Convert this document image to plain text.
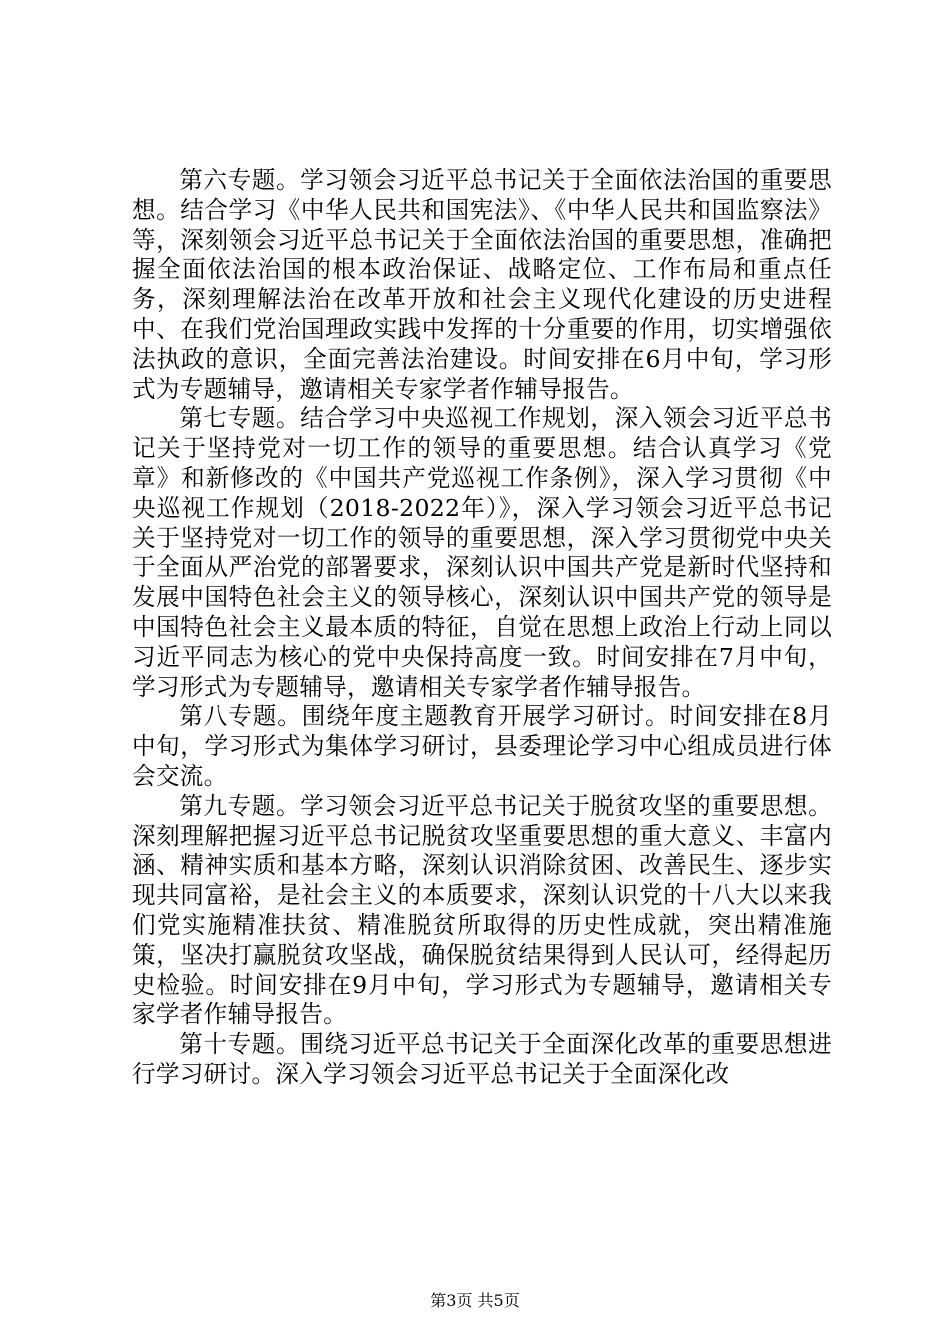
第六专题。学习领会习近平总书记关于全面依法治国的重要思想。结合学习《中华人民共和国宪法》、《中华人民共和国监察法》等，深刻领会习近平总书记关于全面依法治国的重要思想，准确把握全面依法治国的根本政治保证、战略定位、工作布局和重点任务，深刻理解法治在改革开放和社会主义现代化建设的历史进程中、在我们党治国理政实践中发挥的十分重要的作用，切实增强依法执政的意识，全面完善法治建设。时间安排在6月中旬，学习形式为专题辅导，邀请相关专家学者作辅导报告。

第七专题。结合学习中央巡视工作规划，深入领会习近平总书记关于坚持党对一切工作的领导的重要思想。结合认真学习《党章》和新修改的《中国共产党巡视工作条例》，深入学习贯彻《中央巡视工作规划（2018-2022年）》，深入学习领会习近平总书记关于坚持党对一切工作的领导的重要思想，深入学习贯彻党中央关于全面从严治党的部署要求，深刻认识中国共产党是新时代坚持和发展中国特色社会主义的领导核心，深刻认识中国共产党的领导是中国特色社会主义最本质的特征，自觉在思想上政治上行动上同以习近平同志为核心的党中央保持高度一致。时间安排在7月中旬，学习形式为专题辅导，邀请相关专家学者作辅导报告。

第八专题。围绕年度主题教育开展学习研讨。时间安排在8月中旬，学习形式为集体学习研讨，县委理论学习中心组成员进行体会交流。

第九专题。学习领会习近平总书记关于脱贫攻坚的重要思想。深刻理解把握习近平总书记脱贫攻坚重要思想的重大意义、丰富内涵、精神实质和基本方略，深刻认识消除贫困、改善民生、逐步实现共同富裕，是社会主义的本质要求，深刻认识党的十八大以来我们党实施精准扶贫、精准脱贫所取得的历史性成就，突出精准施策，坚决打赢脱贫攻坚战，确保脱贫结果得到人民认可，经得起历史检验。时间安排在9月中旬，学习形式为专题辅导，邀请相关专家学者作辅导报告。

第十专题。围绕习近平总书记关于全面深化改革的重要思想进行学习研讨。深入学习领会习近平总书记关于全面深化改

第3页 共5页
